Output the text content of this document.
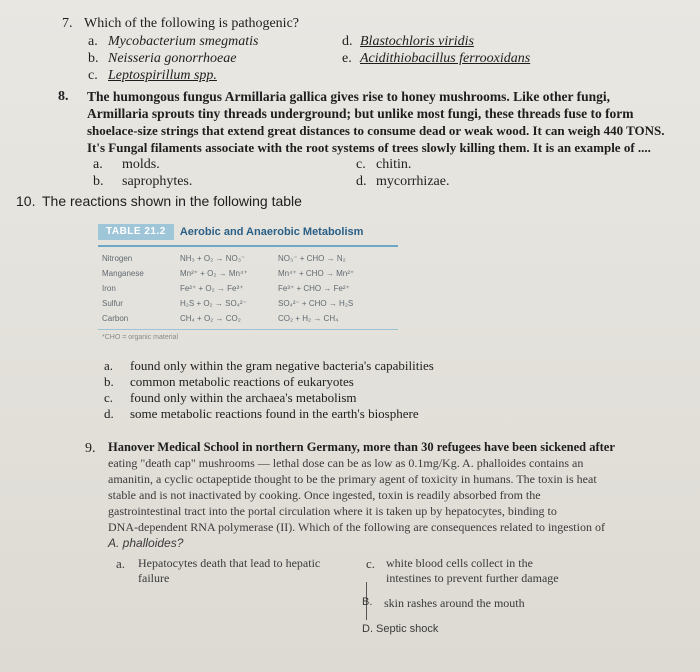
7. Which of the following is pathogenic?
a. Mycobacterium smegmatis
b. Neisseria gonorrhoeae
c. Leptospirillum spp.
d. Blastochloris viridis
e. Acidithiobacillus ferrooxidans
8. The humongous fungus Armillaria gallica gives rise to honey mushrooms. Like other fungi,
Armillaria sprouts tiny threads underground; but unlike most fungi, these threads fuse to form
shoelace-size strings that extend great distances to consume dead or weak wood. It can weigh 440 TONS.
It's Fungal filaments associate with the root systems of trees slowly killing them. It is an example of ....
a. molds.
b. saprophytes.
c. chitin.
d. mycorrhizae.
10. The reactions shown in the following table
TABLE 21.2	Aerobic and Anaerobic Metabolism
Nitrogen	NH₃ + O₂ → NO₃⁻	NO₃⁻ + CHO → N₂
Manganese	Mn²⁺ + O₂ → Mn⁴⁺	Mn⁴⁺ + CHO → Mn²⁺
Iron	Fe²⁺ + O₂ → Fe³⁺	Fe³⁺ + CHO → Fe²⁺
Sulfur	H₂S + O₂ → SO₄²⁻	SO₄²⁻ + CHO → H₂S
Carbon	CH₄ + O₂ → CO₂	CO₂ + H₂ → CH₄
*CHO = organic material
a. found only within the gram negative bacteria's capabilities
b. common metabolic reactions of eukaryotes
c. found only within the archaea's metabolism
d. some metabolic reactions found in the earth's biosphere
9. Hanover Medical School in northern Germany, more than 30 refugees have been sickened after
eating "death cap" mushrooms — lethal dose can be as low as 0.1mg/Kg. A. phalloides contains an
amanitin, a cyclic octapeptide thought to be the primary agent of toxicity in humans. The toxin is heat
stable and is not inactivated by cooking. Once ingested, toxin is readily absorbed from the
gastrointestinal tract into the portal circulation where it is taken up by hepatocytes, binding to
DNA-dependent RNA polymerase (II). Which of the following are consequences related to ingestion of
A. phalloides?
a. Hepatocytes death that lead to hepatic
failure
c. white blood cells collect in the
intestines to prevent further damage
B. skin rashes around the mouth
D. Septic shock
